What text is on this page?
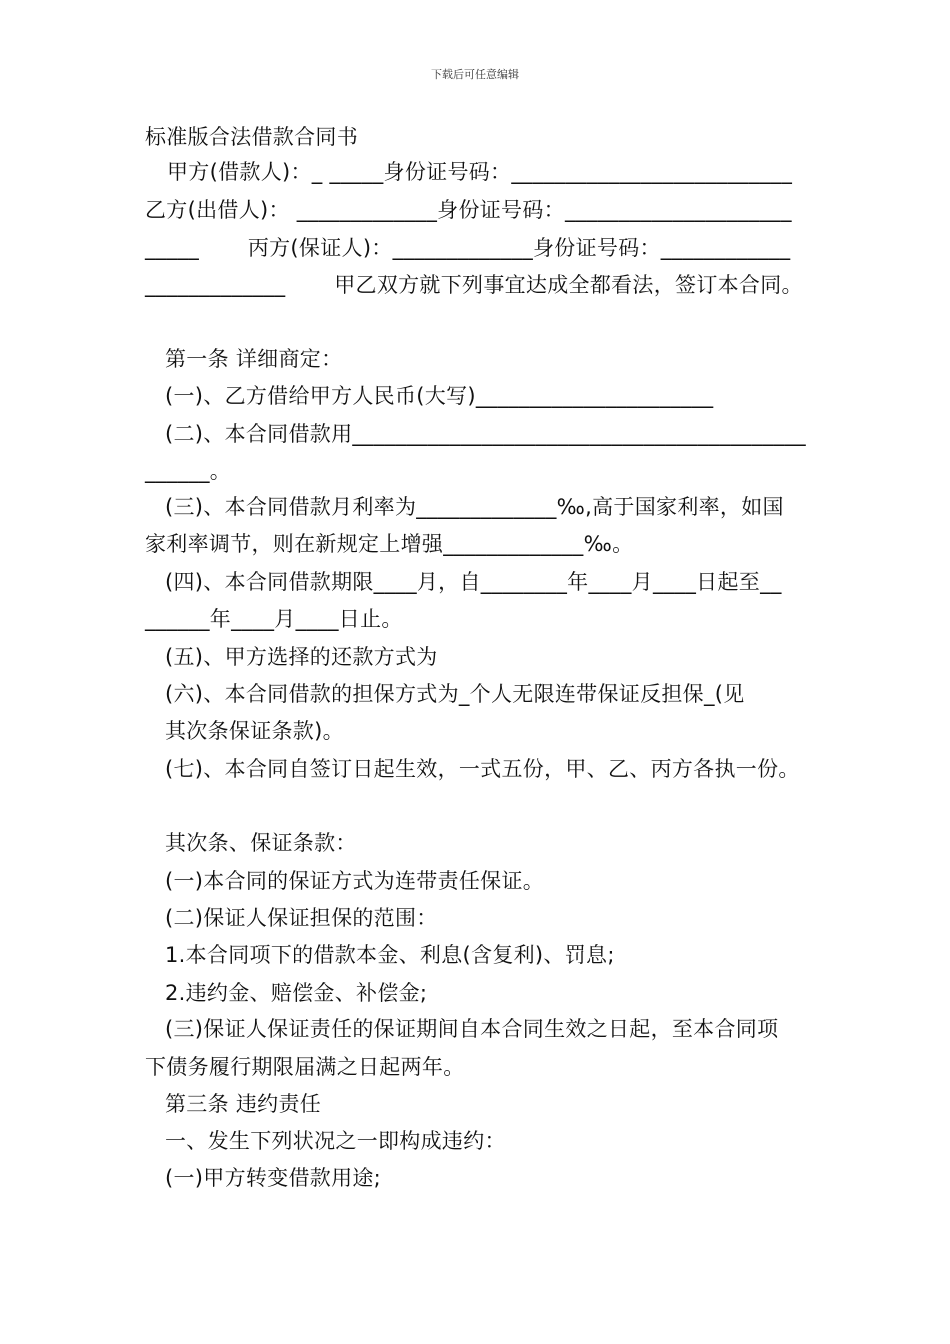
下载后可任意编辑
标准版合法借款合同书
甲方(借款人)：_ _____身份证号码：__________________________
乙方(出借人)： _____________身份证号码：_____________________
_____       丙方(保证人)：_____________身份证号码：____________
_____________       甲乙双方就下列事宜达成全都看法，签订本合同。
第一条 详细商定：
(一)、乙方借给甲方人民币(大写)______________________
(二)、本合同借款用__________________________________________
______。
(三)、本合同借款月利率为_____________‰,高于国家利率，如国
家利率调节，则在新规定上增强_____________‰。
(四)、本合同借款期限____月，自________年____月____日起至__
______年____月____日止。
(五)、甲方选择的还款方式为
(六)、本合同借款的担保方式为_个人无限连带保证反担保_(见
其次条保证条款)。
(七)、本合同自签订日起生效，一式五份，甲、乙、丙方各执一份。
其次条、保证条款：
(一)本合同的保证方式为连带责任保证。
(二)保证人保证担保的范围：
1.本合同项下的借款本金、利息(含复利)、罚息;
2.违约金、赔偿金、补偿金;
(三)保证人保证责任的保证期间自本合同生效之日起，至本合同项
下债务履行期限届满之日起两年。
第三条 违约责任
一、发生下列状况之一即构成违约：
(一)甲方转变借款用途;
